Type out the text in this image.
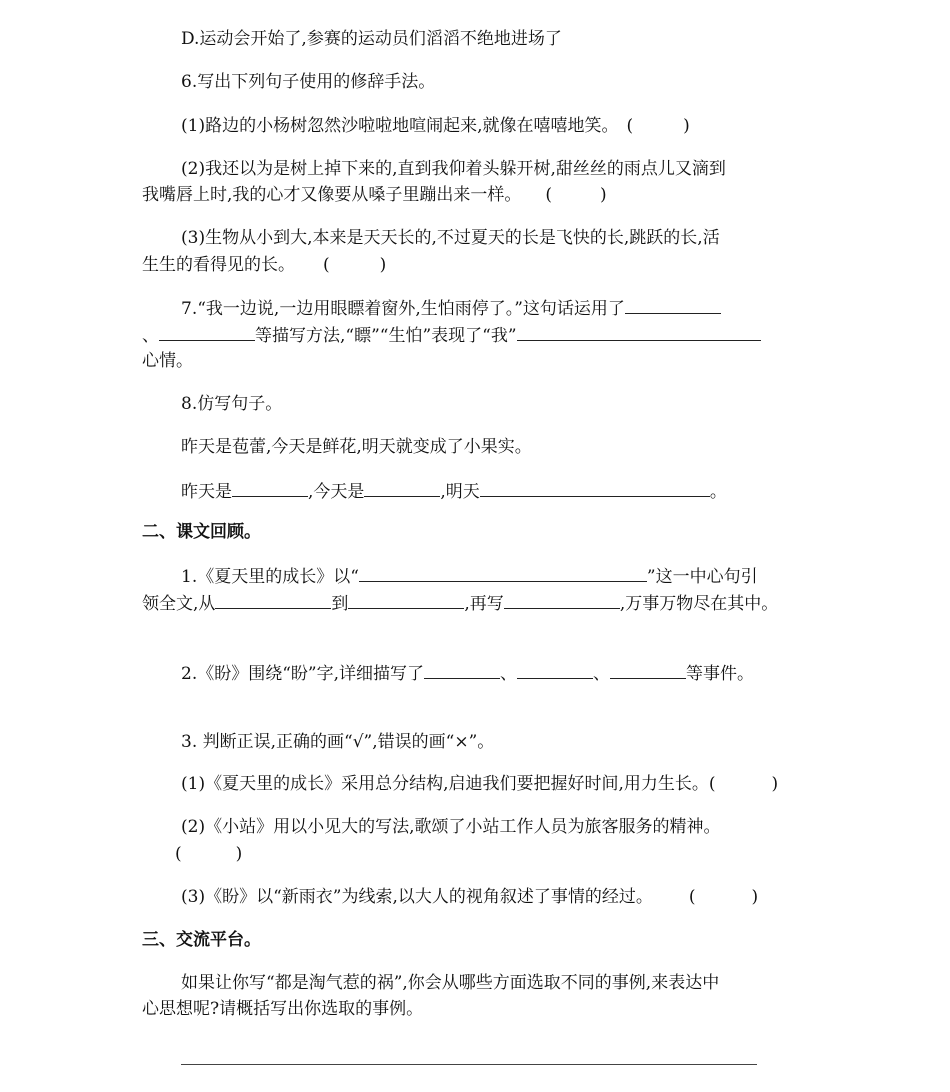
D.运动会开始了,参赛的运动员们滔滔不绝地进场了
6.写出下列句子使用的修辞手法。
(1)路边的小杨树忽然沙啦啦地喧闹起来,就像在嘻嘻地笑。 (	)
(2)我还以为是树上掉下来的,直到我仰着头躲开树,甜丝丝的雨点儿又滴到
我嘴唇上时,我的心才又像要从嗓子里蹦出来一样。 (	)
(3)生物从小到大,本来是天天长的,不过夏天的长是飞快的长,跳跃的长,活
生生的看得见的长。 (	)
7.“我一边说,一边用眼瞟着窗外,生怕雨停了。”这句话运用了
、	等描写方法,“瞟”“生怕”表现了“我”
心情。
8.仿写句子。
昨天是苞蕾,今天是鲜花,明天就变成了小果实。
昨天是	,今天是	,明天	。
二、课文回顾。
1.《夏天里的成长》以“	”这一中心句引
领全文,从	到	,再写	,万事万物尽在其中。
2.《盼》围绕“盼”字,详细描写了	、	、	等事件。
3. 判断正误,正确的画“√”,错误的画“×”。
(1)《夏天里的成长》采用总分结构,启迪我们要把握好时间,用力生长。(	)
(2)《小站》用以小见大的写法,歌颂了小站工作人员为旅客服务的精神。
(	)
(3)《盼》以“新雨衣”为线索,以大人的视角叙述了事情的经过。 (	)
三、交流平台。
如果让你写“都是淘气惹的祸”,你会从哪些方面选取不同的事例,来表达中
心思想呢?请概括写出你选取的事例。
